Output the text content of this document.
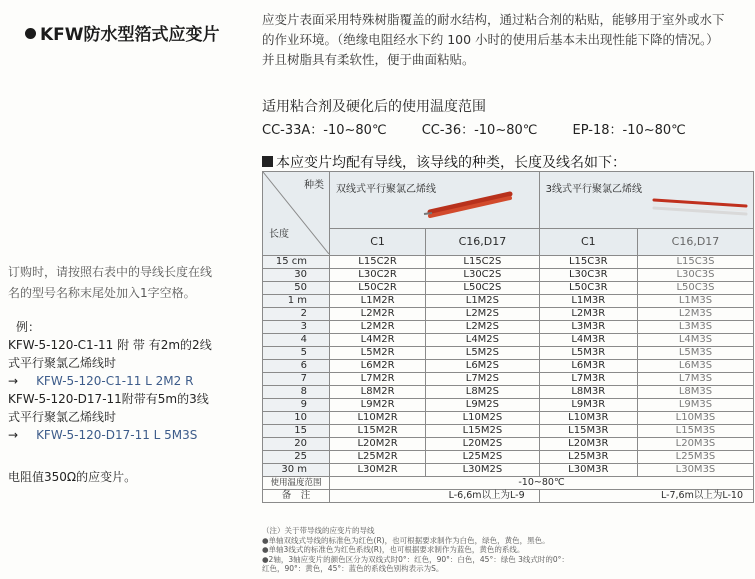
KFW防水型箔式应变片
应变片表面采用特殊树脂覆盖的耐水结构，通过粘合剂的粘贴，能够用于室外或水下
的作业环境。（绝缘电阻经水下约 100 小时的使用后基本未出现性能下降的情况。）
并且树脂具有柔软性，便于曲面粘贴。
适用粘合剂及硬化后的使用温度范围
CC-33A：-10~80℃	CC-36：-10~80℃	EP-18：-10~80℃
本应变片均配有导线，该导线的种类，长度及线名如下：
种类
长度	双线式平行聚氯乙烯线		3线式平行聚氯乙烯线	

	C1	C16,D17	C1	C16,D17
15 cm	L15C2R	L15C2S	L15C3R	L15C3S
30	L30C2R	L30C2S	L30C3R	L30C3S
50	L50C2R	L50C2S	L50C3R	L50C3S
1 m	L1M2R	L1M2S	L1M3R	L1M3S
2	L2M2R	L2M2S	L2M3R	L2M3S
3	L2M2R	L2M2S	L3M3R	L3M3S
4	L4M2R	L4M2S	L4M3R	L4M3S
5	L5M2R	L5M2S	L5M3R	L5M3S
6	L6M2R	L6M2S	L6M3R	L6M3S
7	L7M2R	L7M2S	L7M3R	L7M3S
8	L8M2R	L8M2S	L8M3R	L8M3S
9	L9M2R	L9M2S	L9M3R	L9M3S
10	L10M2R	L10M2S	L10M3R	L10M3S
15	L15M2R	L15M2S	L15M3R	L15M3S
20	L20M2R	L20M2S	L20M3R	L20M3S
25	L25M2R	L25M2S	L25M3R	L25M3S
30 m	L30M2R	L30M2S	L30M3R	L30M3S
使用温度范围	-10~80℃			
备　注	L-6,6m以上为L-9		L-7,6m以上为L-10	
（注）关于带导线的应变片的导线
●单轴双线式导线的标准色为红色(R)，也可根据要求制作为白色，绿色，黄色，黑色。
●单轴3线式的标准色为红色系线(R)，也可根据要求制作为蓝色，黄色的系线。
●2轴，3轴应变片的颜色区分为双线式时0°：红色，90°：白色，45°：绿色 3线式时的0°：
红色，90°：黄色，45°：蓝色的系线色别构表示为S。
订购时，请按照右表中的导线长度在线
名的型号名称末尾处加入1字空格。
例：
KFW-5-120-C1-11 附 带 有2m的2线
式平行聚氯乙烯线时
→ KFW-5-120-C1-11 L 2M2 R
KFW-5-120-D17-11附带有5m的3线
式平行聚氯乙烯线时
→ KFW-5-120-D17-11 L 5M3S
电阻值350Ω的应变片。
